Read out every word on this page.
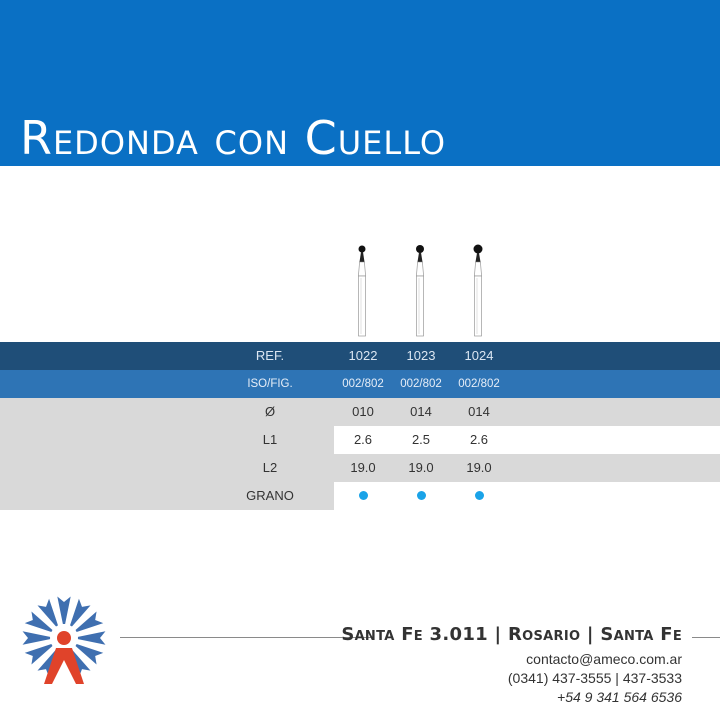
Redonda con Cuello
REF.	1022	1023	1024
ISO/FIG.	002/802	002/802	002/802
Ø	010	014	014
L1	2.6	2.5	2.6
L2	19.0	19.0	19.0
GRANO
Santa Fe 3.011 | Rosario | Santa Fe
contacto@ameco.com.ar
(0341) 437-3555 | 437-3533
+54 9 341 564 6536
